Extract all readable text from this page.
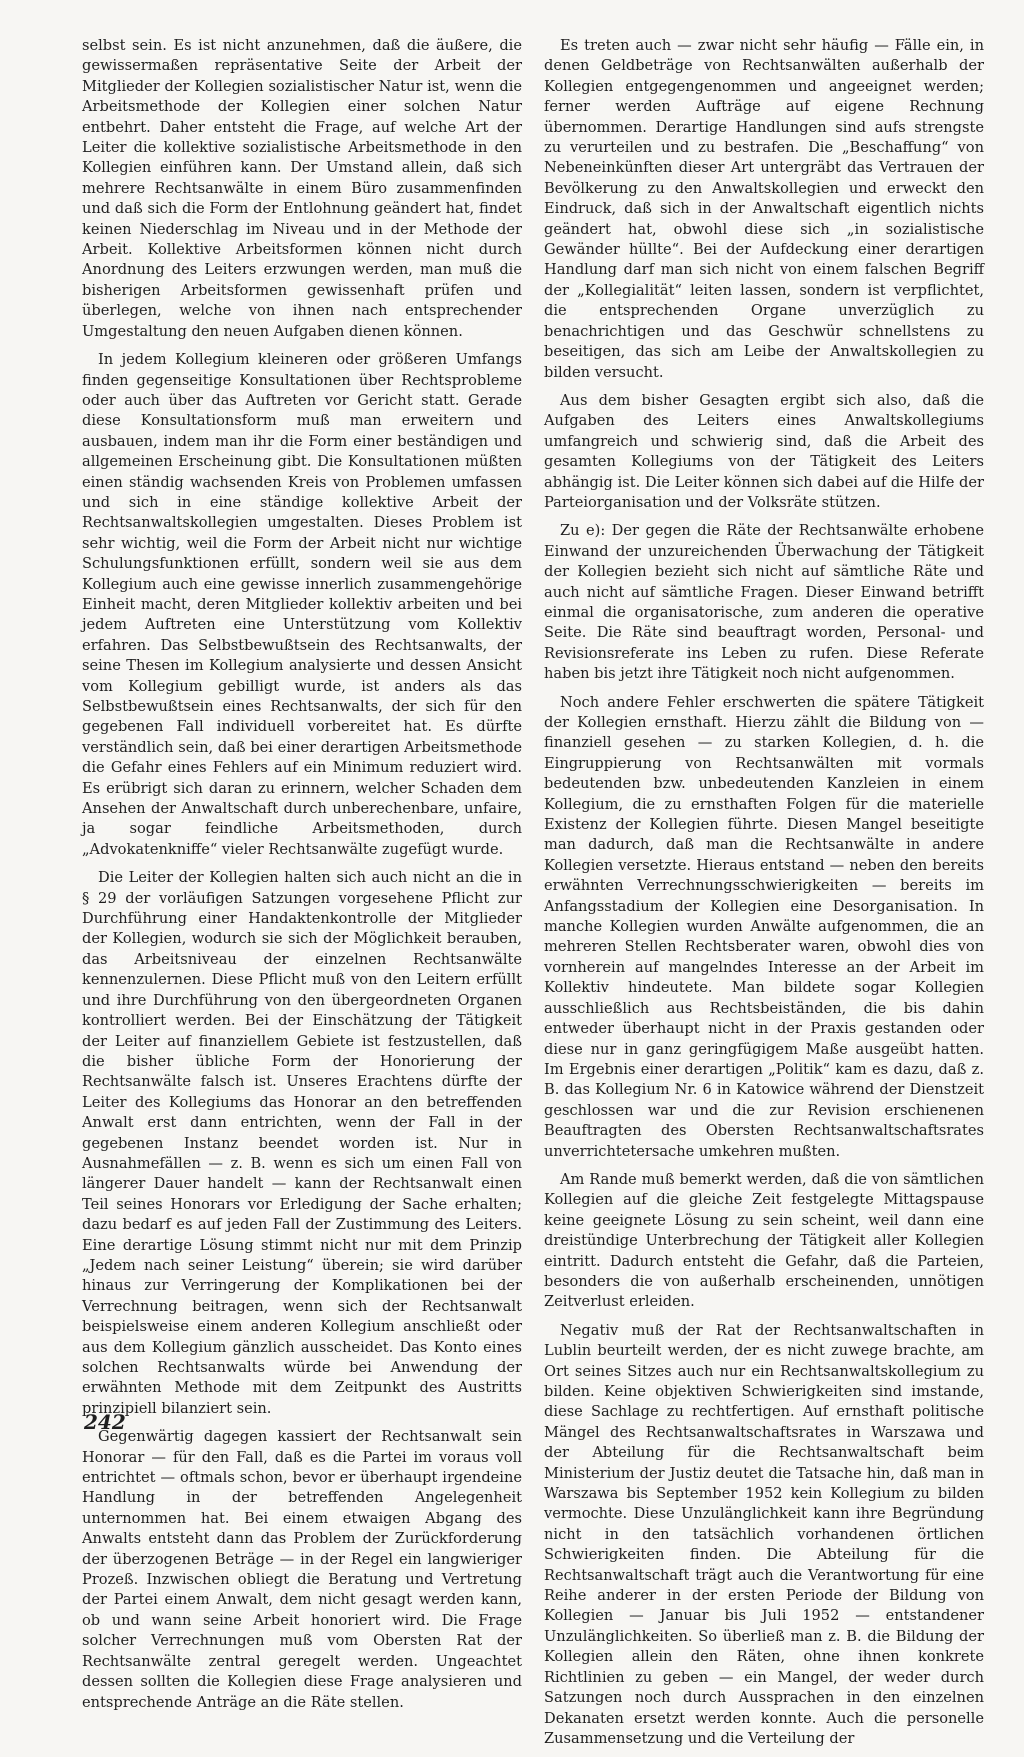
selbst sein. Es ist nicht anzunehmen, daß die äußere, die gewissermaßen repräsentative Seite der Arbeit der Mitglieder der Kollegien sozialistischer Natur ist, wenn die Arbeitsmethode der Kollegien einer solchen Natur entbehrt. Daher entsteht die Frage, auf welche Art der Leiter die kollektive sozialistische Arbeitsmethode in den Kollegien einführen kann. Der Umstand allein, daß sich mehrere Rechtsanwälte in einem Büro zusammenfinden und daß sich die Form der Entlohnung geändert hat, findet keinen Niederschlag im Niveau und in der Methode der Arbeit. Kollektive Arbeitsformen können nicht durch Anordnung des Leiters erzwungen werden, man muß die bisherigen Arbeitsformen gewissenhaft prüfen und überlegen, welche von ihnen nach entsprechender Umgestaltung den neuen Aufgaben dienen können.

In jedem Kollegium kleineren oder größeren Umfangs finden gegenseitige Konsultationen über Rechtsprobleme oder auch über das Auftreten vor Gericht statt. Gerade diese Konsultationsform muß man erweitern und ausbauen, indem man ihr die Form einer beständigen und allgemeinen Erscheinung gibt. Die Konsultationen müßten einen ständig wachsenden Kreis von Problemen umfassen und sich in eine ständige kollektive Arbeit der Rechtsanwaltskollegien umgestalten. Dieses Problem ist sehr wichtig, weil die Form der Arbeit nicht nur wichtige Schulungsfunktionen erfüllt, sondern weil sie aus dem Kollegium auch eine gewisse innerlich zusammengehörige Einheit macht, deren Mitglieder kollektiv arbeiten und bei jedem Auftreten eine Unterstützung vom Kollektiv erfahren. Das Selbstbewußtsein des Rechtsanwalts, der seine Thesen im Kollegium analysierte und dessen Ansicht vom Kollegium gebilligt wurde, ist anders als das Selbstbewußtsein eines Rechtsanwalts, der sich für den gegebenen Fall individuell vorbereitet hat. Es dürfte verständlich sein, daß bei einer derartigen Arbeitsmethode die Gefahr eines Fehlers auf ein Minimum reduziert wird. Es erübrigt sich daran zu erinnern, welcher Schaden dem Ansehen der Anwaltschaft durch unberechenbare, unfaire, ja sogar feindliche Arbeitsmethoden, durch „Advokatenkniffe“ vieler Rechtsanwälte zugefügt wurde.

Die Leiter der Kollegien halten sich auch nicht an die in § 29 der vorläufigen Satzungen vorgesehene Pflicht zur Durchführung einer Handaktenkontrolle der Mitglieder der Kollegien, wodurch sie sich der Möglichkeit berauben, das Arbeitsniveau der einzelnen Rechtsanwälte kennenzulernen. Diese Pflicht muß von den Leitern erfüllt und ihre Durchführung von den übergeordneten Organen kontrolliert werden. Bei der Einschätzung der Tätigkeit der Leiter auf finanziellem Gebiete ist festzustellen, daß die bisher übliche Form der Honorierung der Rechtsanwälte falsch ist. Unseres Erachtens dürfte der Leiter des Kollegiums das Honorar an den betreffenden Anwalt erst dann entrichten, wenn der Fall in der gegebenen Instanz beendet worden ist. Nur in Ausnahmefällen — z. B. wenn es sich um einen Fall von längerer Dauer handelt — kann der Rechtsanwalt einen Teil seines Honorars vor Erledigung der Sache erhalten; dazu bedarf es auf jeden Fall der Zustimmung des Leiters. Eine derartige Lösung stimmt nicht nur mit dem Prinzip „Jedem nach seiner Leistung“ überein; sie wird darüber hinaus zur Verringerung der Komplikationen bei der Verrechnung beitragen, wenn sich der Rechtsanwalt beispielsweise einem anderen Kollegium anschließt oder aus dem Kollegium gänzlich ausscheidet. Das Konto eines solchen Rechtsanwalts würde bei Anwendung der erwähnten Methode mit dem Zeitpunkt des Austritts prinzipiell bilanziert sein.

Gegenwärtig dagegen kassiert der Rechtsanwalt sein Honorar — für den Fall, daß es die Partei im voraus voll entrichtet — oftmals schon, bevor er überhaupt irgendeine Handlung in der betreffenden Angelegenheit unternommen hat. Bei einem etwaigen Abgang des Anwalts entsteht dann das Problem der Zurückforderung der überzogenen Beträge — in der Regel ein langwieriger Prozeß. Inzwischen obliegt die Beratung und Vertretung der Partei einem Anwalt, dem nicht gesagt werden kann, ob und wann seine Arbeit honoriert wird. Die Frage solcher Verrechnungen muß vom Obersten Rat der Rechtsanwälte zentral geregelt werden. Ungeachtet dessen sollten die Kollegien diese Frage analysieren und entsprechende Anträge an die Räte stellen.

Es treten auch — zwar nicht sehr häufig — Fälle ein, in denen Geldbeträge von Rechtsanwälten außerhalb der Kollegien entgegengenommen und angeeignet werden; ferner werden Aufträge auf eigene Rechnung übernommen. Derartige Handlungen sind aufs strengste zu verurteilen und zu bestrafen. Die „Beschaffung“ von Nebeneinkünften dieser Art untergräbt das Vertrauen der Bevölkerung zu den Anwaltskollegien und erweckt den Eindruck, daß sich in der Anwaltschaft eigentlich nichts geändert hat, obwohl diese sich „in sozialistische Gewänder hüllte“. Bei der Aufdeckung einer derartigen Handlung darf man sich nicht von einem falschen Begriff der „Kollegialität“ leiten lassen, sondern ist verpflichtet, die entsprechenden Organe unverzüglich zu benachrichtigen und das Geschwür schnellstens zu beseitigen, das sich am Leibe der Anwaltskollegien zu bilden versucht.

Aus dem bisher Gesagten ergibt sich also, daß die Aufgaben des Leiters eines Anwaltskollegiums umfangreich und schwierig sind, daß die Arbeit des gesamten Kollegiums von der Tätigkeit des Leiters abhängig ist. Die Leiter können sich dabei auf die Hilfe der Parteiorganisation und der Volksräte stützen.

Zu e): Der gegen die Räte der Rechtsanwälte erhobene Einwand der unzureichenden Überwachung der Tätigkeit der Kollegien bezieht sich nicht auf sämtliche Räte und auch nicht auf sämtliche Fragen. Dieser Einwand betrifft einmal die organisatorische, zum anderen die operative Seite. Die Räte sind beauftragt worden, Personal- und Revisionsreferate ins Leben zu rufen. Diese Referate haben bis jetzt ihre Tätigkeit noch nicht aufgenommen.

Noch andere Fehler erschwerten die spätere Tätigkeit der Kollegien ernsthaft. Hierzu zählt die Bildung von — finanziell gesehen — zu starken Kollegien, d. h. die Eingruppierung von Rechtsanwälten mit vormals bedeutenden bzw. unbedeutenden Kanzleien in einem Kollegium, die zu ernsthaften Folgen für die materielle Existenz der Kollegien führte. Diesen Mangel beseitigte man dadurch, daß man die Rechtsanwälte in andere Kollegien versetzte. Hieraus entstand — neben den bereits erwähnten Verrechnungsschwierigkeiten — bereits im Anfangsstadium der Kollegien eine Desorganisation. In manche Kollegien wurden Anwälte aufgenommen, die an mehreren Stellen Rechtsberater waren, obwohl dies von vornherein auf mangelndes Interesse an der Arbeit im Kollektiv hindeutete. Man bildete sogar Kollegien ausschließlich aus Rechtsbeiständen, die bis dahin entweder überhaupt nicht in der Praxis gestanden oder diese nur in ganz geringfügigem Maße ausgeübt hatten. Im Ergebnis einer derartigen „Politik“ kam es dazu, daß z. B. das Kollegium Nr. 6 in Katowice während der Dienstzeit geschlossen war und die zur Revision erschienenen Beauftragten des Obersten Rechtsanwaltschaftsrates unverrichtetersache umkehren mußten.

Am Rande muß bemerkt werden, daß die von sämtlichen Kollegien auf die gleiche Zeit festgelegte Mittagspause keine geeignete Lösung zu sein scheint, weil dann eine dreistündige Unterbrechung der Tätigkeit aller Kollegien eintritt. Dadurch entsteht die Gefahr, daß die Parteien, besonders die von außerhalb erscheinenden, unnötigen Zeitverlust erleiden.

Negativ muß der Rat der Rechtsanwaltschaften in Lublin beurteilt werden, der es nicht zuwege brachte, am Ort seines Sitzes auch nur ein Rechtsanwaltskollegium zu bilden. Keine objektiven Schwierigkeiten sind imstande, diese Sachlage zu rechtfertigen. Auf ernsthaft politische Mängel des Rechtsanwaltschaftsrates in Warszawa und der Abteilung für die Rechtsanwaltschaft beim Ministerium der Justiz deutet die Tatsache hin, daß man in Warszawa bis September 1952 kein Kollegium zu bilden vermochte. Diese Unzulänglichkeit kann ihre Begründung nicht in den tatsächlich vorhandenen örtlichen Schwierigkeiten finden. Die Abteilung für die Rechtsanwaltschaft trägt auch die Verantwortung für eine Reihe anderer in der ersten Periode der Bildung von Kollegien — Januar bis Juli 1952 — entstandener Unzulänglichkeiten. So überließ man z. B. die Bildung der Kollegien allein den Räten, ohne ihnen konkrete Richtlinien zu geben — ein Mangel, der weder durch Satzungen noch durch Aussprachen in den einzelnen Dekanaten ersetzt werden konnte. Auch die personelle Zusammensetzung und die Verteilung der

242
